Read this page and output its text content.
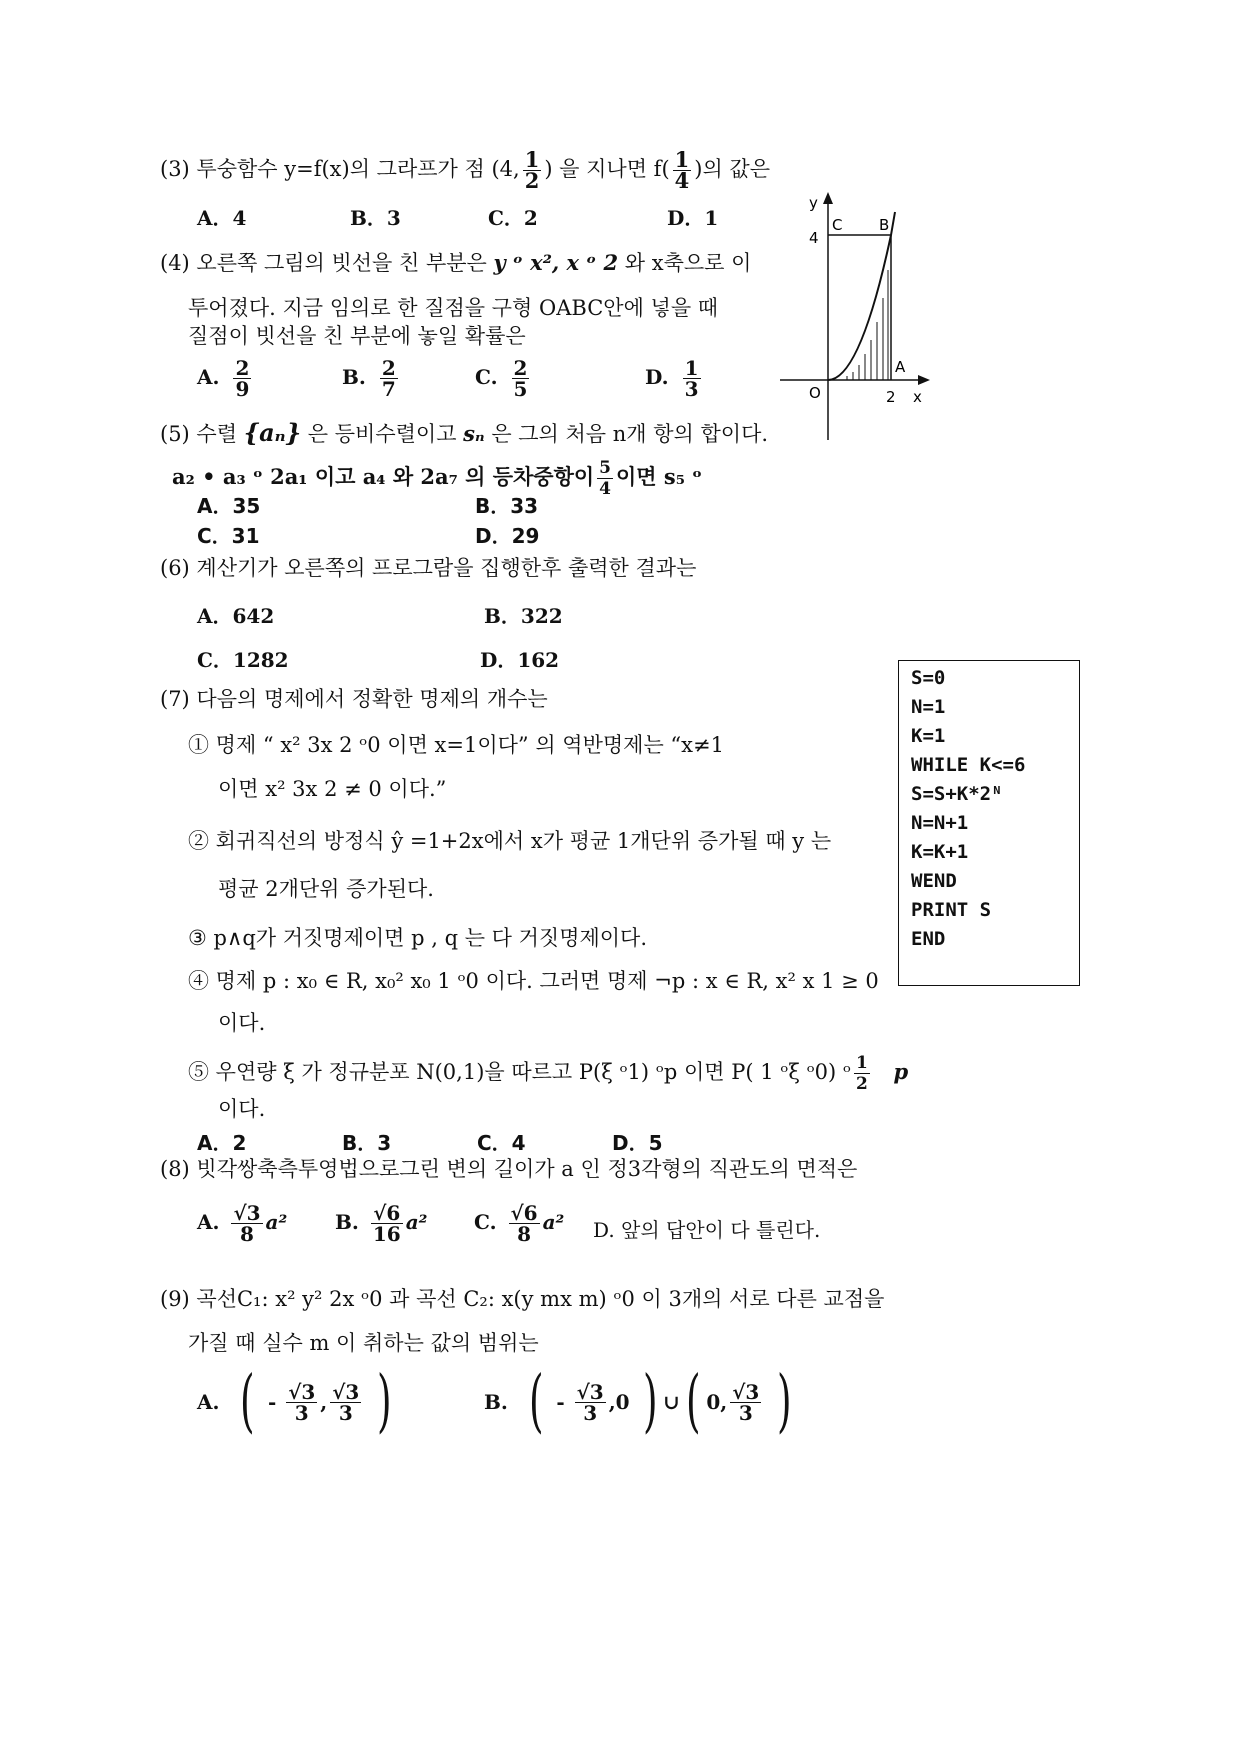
(3) 투숭함수 y=f(x)의 그라프가 점 (4, $\frac{1}{2}$ ) 을 지나면 $f( \frac{1}{4}$ )의 값은
A．4	B．3	C．2	D．1
(4) 오른쪽 그림의 빗선을 친 부분은 y ᵒ x², x ᵒ 2 와 x축으로 이
투어졌다. 지금 임의로 한 질점을 구형 OABC안에 넣을 때
질점이 빗선을 친 부분에 놓일 확률은
A. $\frac{2}{9}$	B. $\frac{2}{7}$	C. $\frac{2}{5}$	D. $\frac{1}{3}$
y
4
C B
A
O	2 x
(5) 수렬 {aₙ} 은 등비수렬이고 sₙ 은 그의 처음 n개 항의 합이다.
a₂ • a₃ ᵒ 2a₁ 이고 a₄ 와 2a₇ 의 등차중항이 $\frac{5}{4}$ 이면 s₅ ᵒ
A．35	B．33
C．31	D．29
(6) 계산기가 오른쪽의 프로그람을 집행한후 출력한 결과는
A．642	B．322
C．1282	D．162
S=0
N=1
K=1
WHILE K<=6
S=S+K*2ᴺ
N=N+1
K=K+1
WEND
PRINT S
END
(7) 다음의 명제에서 정확한 명제의 개수는
① 명제 “ x² 3x 2 ᵒ0 이면 x=1이다” 의 역반명제는 “x≠1
이면 x² 3x 2 ≠ 0 이다.”
② 회귀직선의 방정식 ŷ =1+2x에서 x가 평균 1개단위 증가될 때 y 는
평균 2개단위 증가된다.
③ p∧q가 거짓명제이면 p , q 는 다 거짓명제이다.
④ 명제 p : x₀ ∈ R, x₀² x₀ 1 ᵒ0 이다. 그러면 명제 ¬p : x ∈ R, x² x 1 ≥ 0
이다.
⑤ 우연량 ξ 가 정규분포 N(0,1)을 따르고 P(ξ ᵒ1) ᵒp 이면 P( 1 ᵒξ ᵒ0) ᵒ $\frac{1}{2}$ p
이다.
A．2	B．3	C．4	D．5
(8) 빗각쌍축측투영법으로그린 변의 길이가 a 인 정3각형의 직관도의 면적은
A. $\frac{√3}{8} a^2$ B. $\frac{√6}{16} a^2$ C. $\frac{√6}{8} a^2$ D. 앞의 답안이 다 틀린다.
(9) 곡선C₁: x² y² 2x ᵒ0 과 곡선 C₂: x(y mx m) ᵒ0 이 3개의 서로 다른 교점을
가질 때 실수 m 이 취하는 값의 범위는
A. ( - $\frac{√3}{3}$ , $\frac{√3}{3}$ )	B. ( - $\frac{√3}{3} ,0$ ) ∪( 0, $\frac{√3}{3}$ )
